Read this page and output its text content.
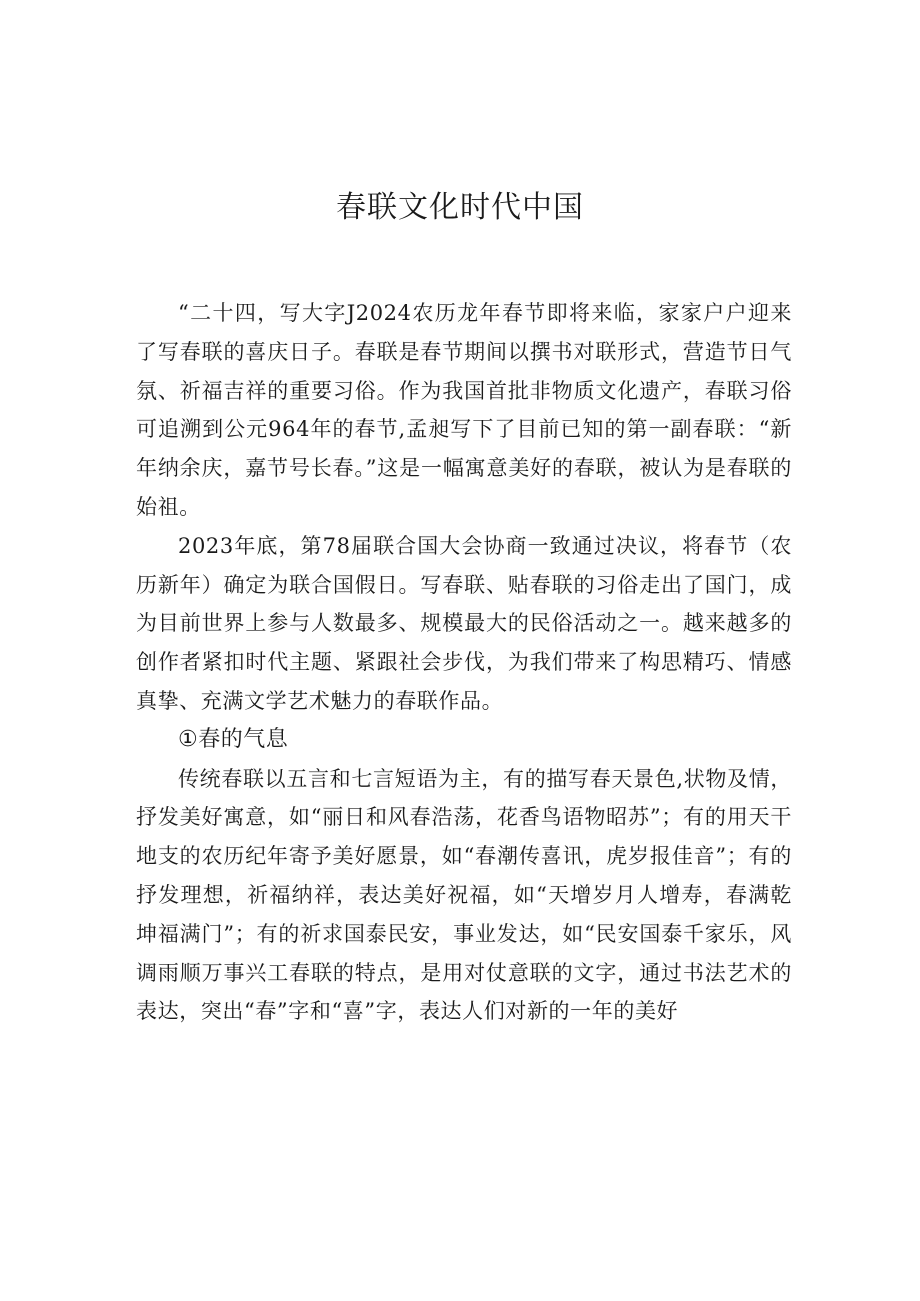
春联文化时代中国

“二十四，写大字J2024农历龙年春节即将来临，家家户户迎来了写春联的喜庆日子。春联是春节期间以撰书对联形式，营造节日气氛、祈福吉祥的重要习俗。作为我国首批非物质文化遗产，春联习俗可追溯到公元964年的春节,孟昶写下了目前已知的第一副春联：“新年纳余庆，嘉节号长春。”这是一幅寓意美好的春联，被认为是春联的始祖。

2023年底，第78届联合国大会协商一致通过决议，将春节（农历新年）确定为联合国假日。写春联、贴春联的习俗走出了国门，成为目前世界上参与人数最多、规模最大的民俗活动之一。越来越多的创作者紧扣时代主题、紧跟社会步伐，为我们带来了构思精巧、情感真挚、充满文学艺术魅力的春联作品。

①春的气息

传统春联以五言和七言短语为主，有的描写春天景色,状物及情，抒发美好寓意，如“丽日和风春浩荡，花香鸟语物昭苏”；有的用天干地支的农历纪年寄予美好愿景，如“春潮传喜讯，虎岁报佳音”；有的抒发理想，祈福纳祥，表达美好祝福，如“天增岁月人增寿，春满乾坤福满门”；有的祈求国泰民安，事业发达，如“民安国泰千家乐，风调雨顺万事兴工春联的特点，是用对仗意联的文字，通过书法艺术的表达，突出“春”字和“喜”字，表达人们对新的一年的美好
